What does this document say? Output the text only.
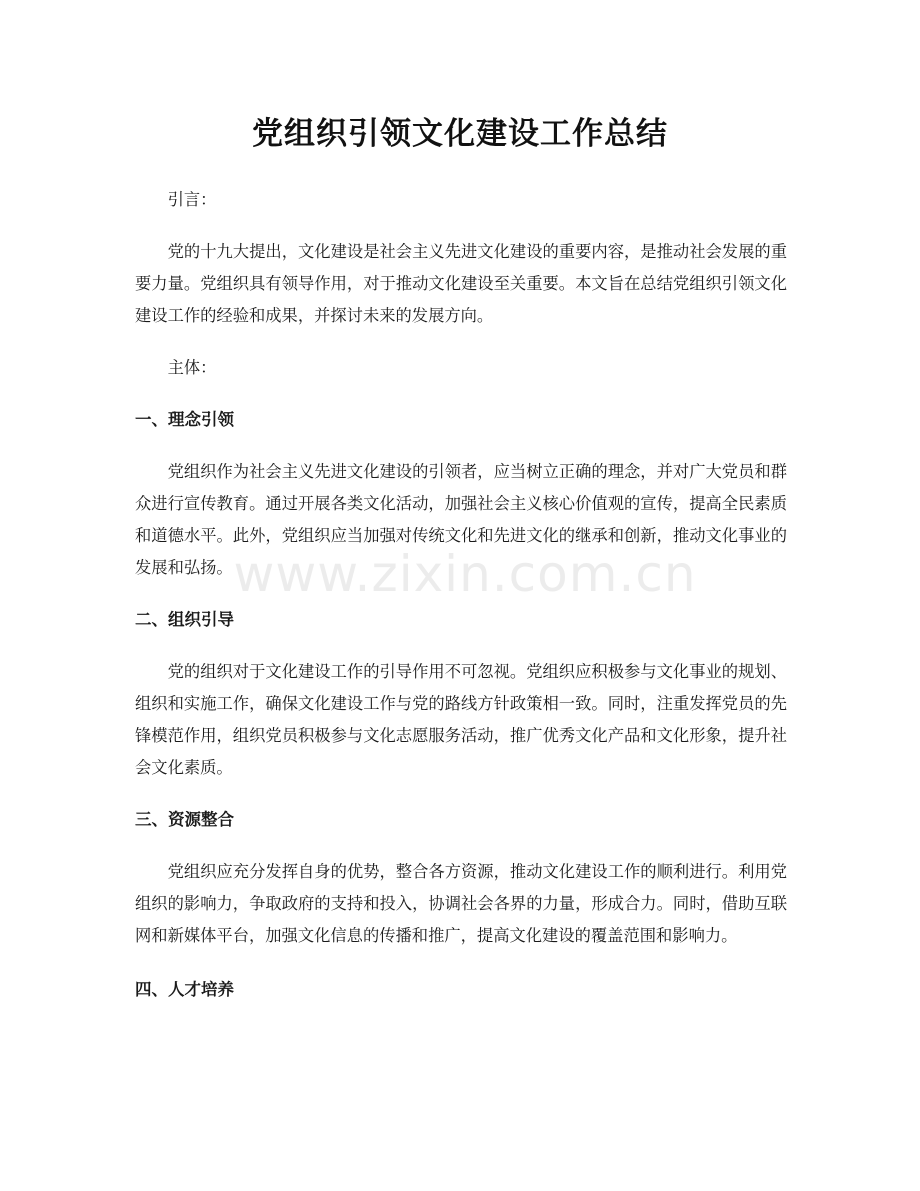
党组织引领文化建设工作总结

引言：

党的十九大提出，文化建设是社会主义先进文化建设的重要内容，是推动社会发展的重要力量。党组织具有领导作用，对于推动文化建设至关重要。本文旨在总结党组织引领文化建设工作的经验和成果，并探讨未来的发展方向。

主体：

一、理念引领

党组织作为社会主义先进文化建设的引领者，应当树立正确的理念，并对广大党员和群众进行宣传教育。通过开展各类文化活动，加强社会主义核心价值观的宣传，提高全民素质和道德水平。此外，党组织应当加强对传统文化和先进文化的继承和创新，推动文化事业的发展和弘扬。

二、组织引导

党的组织对于文化建设工作的引导作用不可忽视。党组织应积极参与文化事业的规划、组织和实施工作，确保文化建设工作与党的路线方针政策相一致。同时，注重发挥党员的先锋模范作用，组织党员积极参与文化志愿服务活动，推广优秀文化产品和文化形象，提升社会文化素质。

三、资源整合

党组织应充分发挥自身的优势，整合各方资源，推动文化建设工作的顺利进行。利用党组织的影响力，争取政府的支持和投入，协调社会各界的力量，形成合力。同时，借助互联网和新媒体平台，加强文化信息的传播和推广，提高文化建设的覆盖范围和影响力。

四、人才培养
www.zixin.com.cn
